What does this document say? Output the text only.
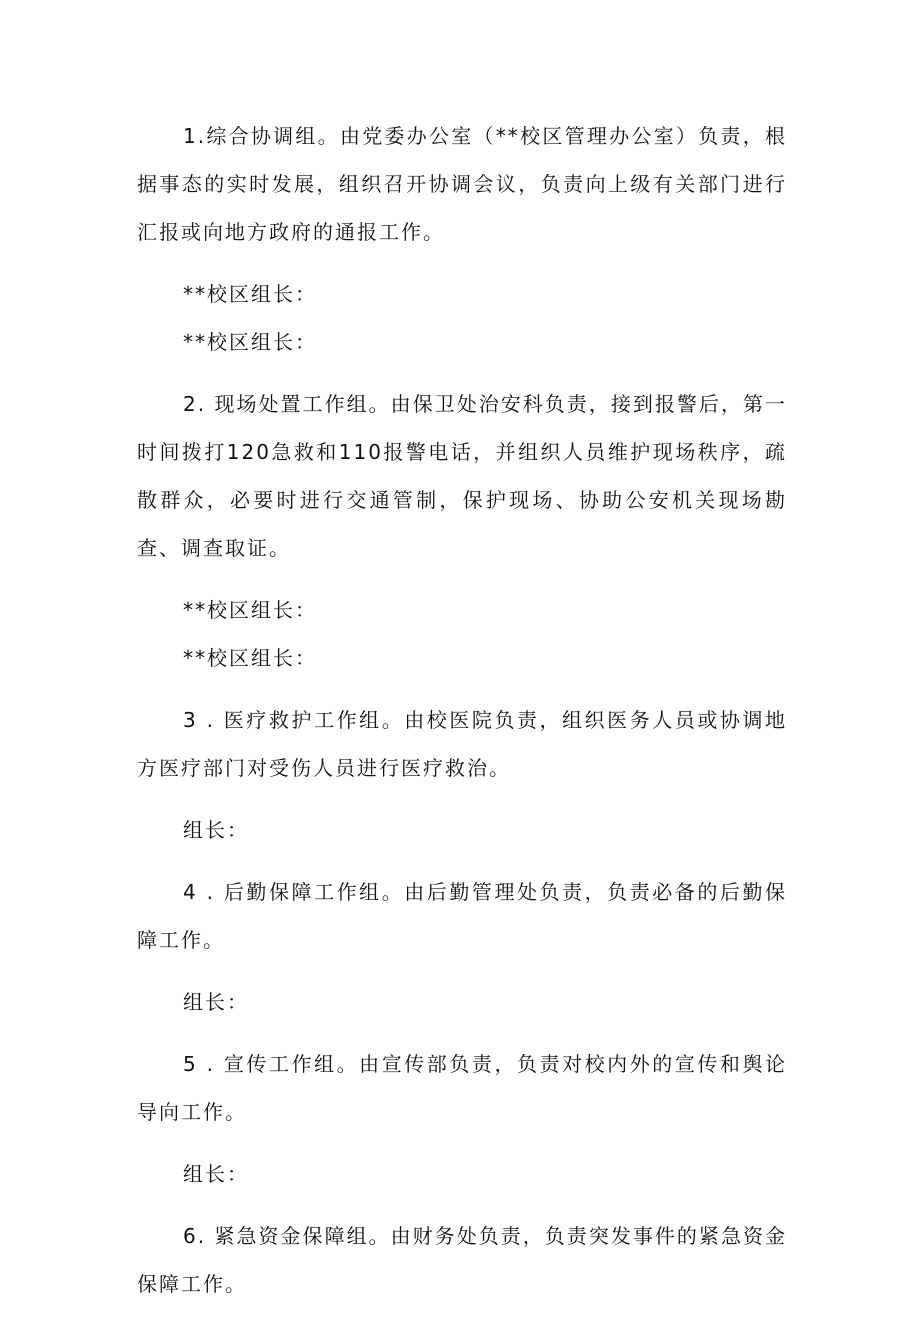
1.综合协调组。由党委办公室（**校区管理办公室）负责，根据事态的实时发展，组织召开协调会议，负责向上级有关部门进行汇报或向地方政府的通报工作。

**校区组长：

**校区组长：

2. 现场处置工作组。由保卫处治安科负责，接到报警后，第一时间拨打120急救和110报警电话，并组织人员维护现场秩序，疏散群众，必要时进行交通管制，保护现场、协助公安机关现场勘查、调查取证。

**校区组长：

**校区组长：

3 . 医疗救护工作组。由校医院负责，组织医务人员或协调地方医疗部门对受伤人员进行医疗救治。

组长：

4 . 后勤保障工作组。由后勤管理处负责，负责必备的后勤保障工作。

组长：

5 . 宣传工作组。由宣传部负责，负责对校内外的宣传和舆论导向工作。

组长：

6. 紧急资金保障组。由财务处负责，负责突发事件的紧急资金保障工作。
